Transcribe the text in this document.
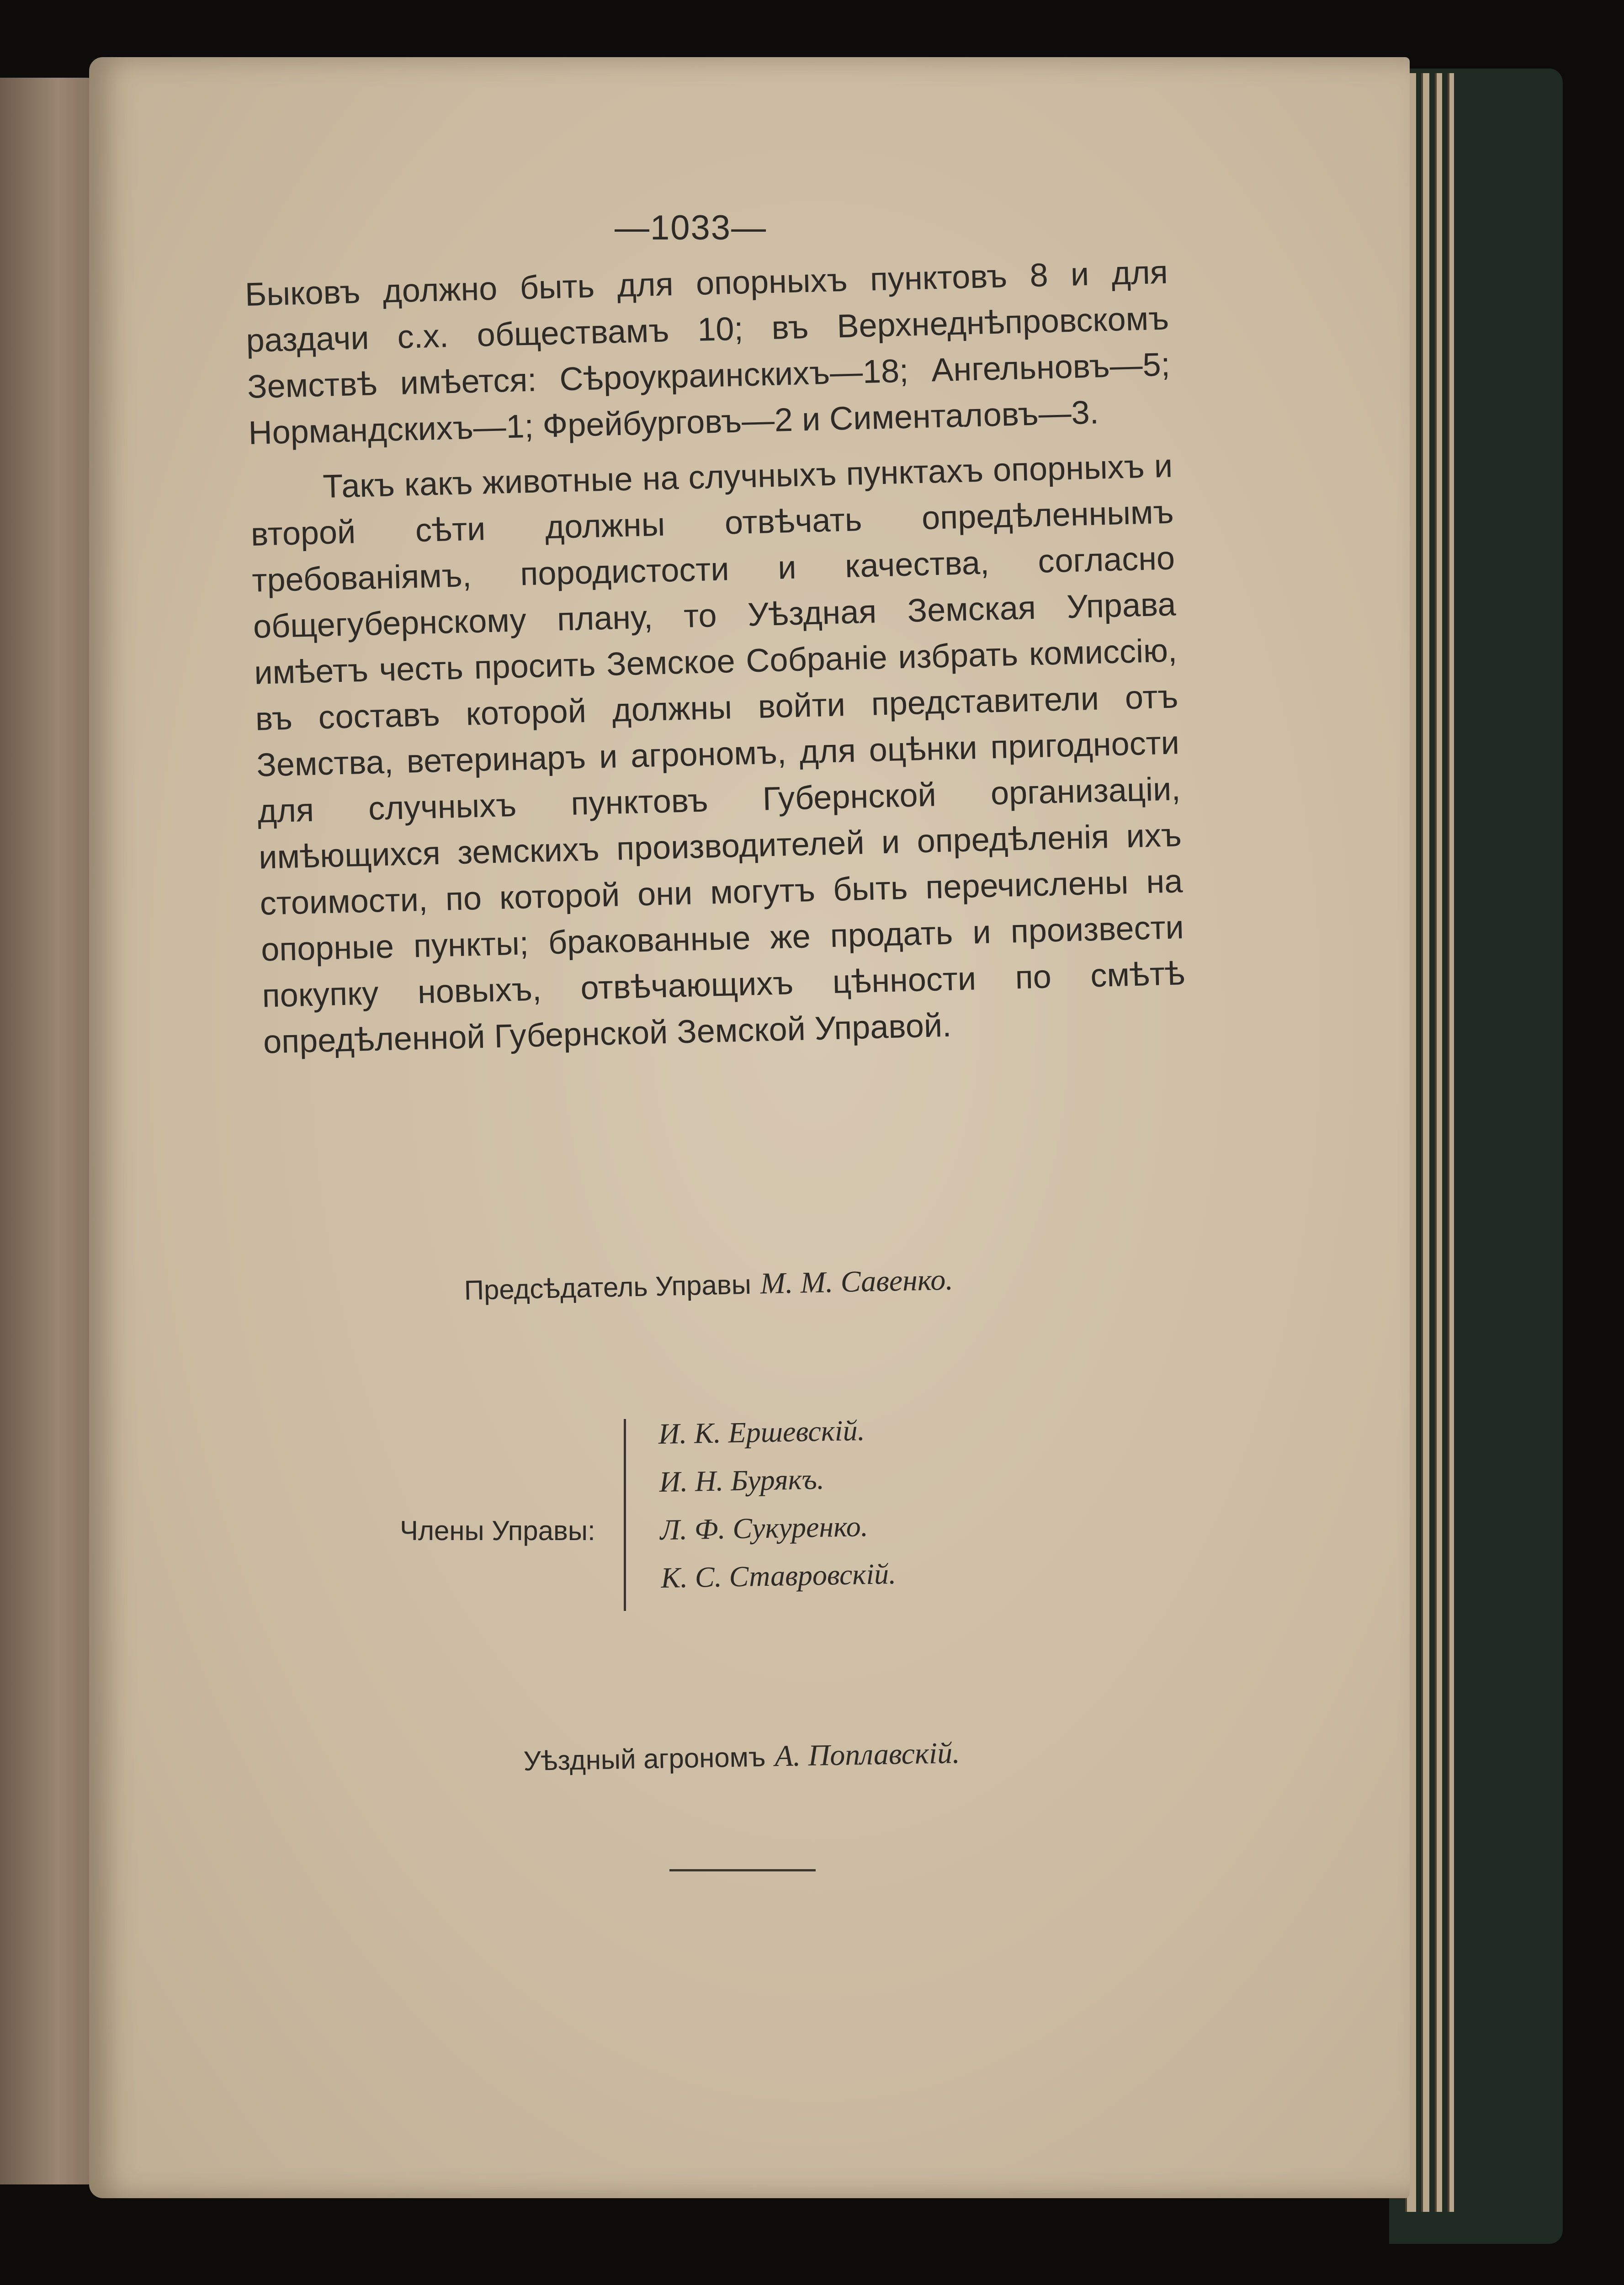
—1033—

Быковъ должно быть для опорныхъ пунктовъ 8 и для раздачи с.х. обществамъ 10; въ Верхнеднѣпровскомъ Земствѣ имѣется: Сѣроукраинскихъ—18; Ангельновъ—5; Нормандскихъ—1; Фрейбурговъ—2 и Сименталовъ—3.

Такъ какъ животные на случныхъ пунктахъ опорныхъ и второй сѣти должны отвѣчать опредѣленнымъ требованіямъ, породистости и качества, согласно общегубернскому плану, то Уѣздная Земская Управа имѣетъ честь просить Земское Собраніе избрать комиссію, въ составъ которой должны войти представители отъ Земства, ветеринаръ и агрономъ, для оцѣнки пригодности для случныхъ пунктовъ Губернской организаціи, имѣющихся земскихъ производителей и опредѣленія ихъ стоимости, по которой они могутъ быть перечислены на опорные пункты; бракованные же продать и произвести покупку новыхъ, отвѣчающихъ цѣнности по смѣтѣ опредѣленной Губернской Земской Управой.

Предсѣдатель Управы М. М. Савенко.
Члены Управы:
И. К. Ершевскій.
И. Н. Бурякъ.
Л. Ф. Сукуренко.
К. С. Ставровскій.
Уѣздный агрономъ А. Поплавскій.
